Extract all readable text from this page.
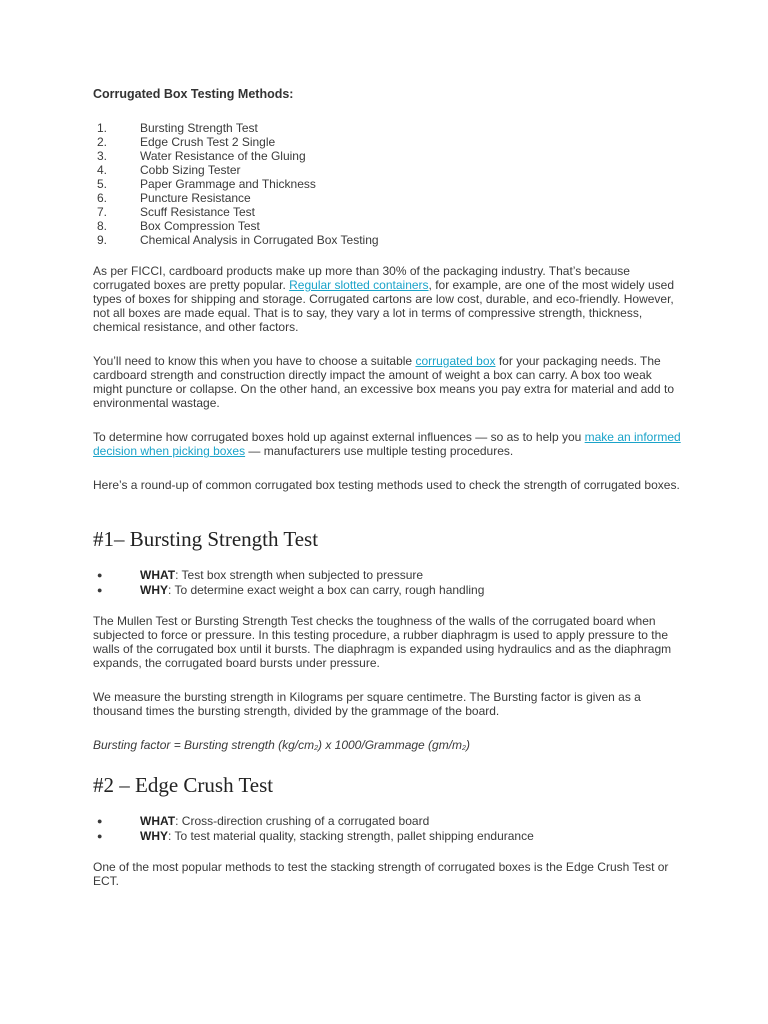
Corrugated Box Testing Methods:
1.	Bursting Strength Test
2.	Edge Crush Test 2 Single
3.	Water Resistance of the Gluing
4.	Cobb Sizing Tester
5.	Paper Grammage and Thickness
6.	Puncture Resistance
7.	Scuff Resistance Test
8.	Box Compression Test
9.	Chemical Analysis in Corrugated Box Testing

As per FICCI, cardboard products make up more than 30% of the packaging industry. That’s because corrugated boxes are pretty popular. Regular slotted containers, for example, are one of the most widely used types of boxes for shipping and storage. Corrugated cartons are low cost, durable, and eco-friendly. However, not all boxes are made equal. That is to say, they vary a lot in terms of compressive strength, thickness, chemical resistance, and other factors.

You’ll need to know this when you have to choose a suitable corrugated box for your packaging needs. The cardboard strength and construction directly impact the amount of weight a box can carry. A box too weak might puncture or collapse. On the other hand, an excessive box means you pay extra for material and add to environmental wastage.

To determine how corrugated boxes hold up against external influences — so as to help you make an informed decision when picking boxes — manufacturers use multiple testing procedures.

Here’s a round-up of common corrugated box testing methods used to check the strength of corrugated boxes.

#1– Bursting Strength Test
●	WHAT: Test box strength when subjected to pressure
●	WHY: To determine exact weight a box can carry, rough handling

The Mullen Test or Bursting Strength Test checks the toughness of the walls of the corrugated board when subjected to force or pressure. In this testing procedure, a rubber diaphragm is used to apply pressure to the walls of the corrugated box until it bursts. The diaphragm is expanded using hydraulics and as the diaphragm expands, the corrugated board bursts under pressure.

We measure the bursting strength in Kilograms per square centimetre. The Bursting factor is given as a thousand times the bursting strength, divided by the grammage of the board.

Bursting factor = Bursting strength $(kg/cm_2)$ x 1000/Grammage $(gm/m_2)$
#2 – Edge Crush Test
●	WHAT: Cross-direction crushing of a corrugated board
●	WHY: To test material quality, stacking strength, pallet shipping endurance

One of the most popular methods to test the stacking strength of corrugated boxes is the Edge Crush Test or ECT.
